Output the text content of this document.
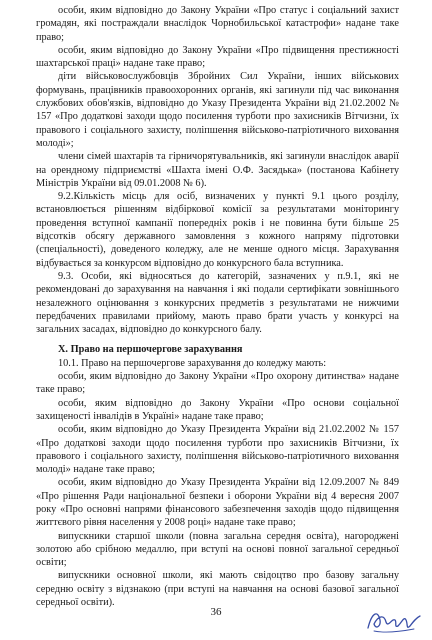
особи, яким відповідно до Закону України «Про статус і соціальний захист громадян, які постраждали внаслідок Чорнобильської катастрофи» надане таке право;

особи, яким відповідно до Закону України «Про підвищення престижності шахтарської праці» надане таке право;

діти військовослужбовців Збройних Сил України, інших військових формувань, працівників правоохоронних органів, які загинули під час виконання службових обов'язків, відповідно до Указу Президента України від 21.02.2002 № 157 «Про додаткові заходи щодо посилення турботи про захисників Вітчизни, їх правового і соціального захисту, поліпшення військово-патріотичного виховання молоді»;

члени сімей шахтарів та гірничорятувальників, які загинули внаслідок аварії на орендному підприємстві «Шахта імені О.Ф. Засядька» (постанова Кабінету Міністрів України від 09.01.2008 № 6).

9.2.Кількість місць для осіб, визначених у пункті 9.1 цього розділу, встановлюється рішенням відбіркової комісії за результатами моніторингу проведення вступної кампанії попередніх років і не повинна бути більше 25 відсотків обсягу державного замовлення з кожного напряму підготовки (спеціальності), доведеного коледжу, але не менше одного місця. Зарахування відбувається за конкурсом відповідно до конкурсного бала вступника.

9.3. Особи, які відносяться до категорій, зазначених у п.9.1, які не рекомендовані до зарахування на навчання і які подали сертифікати зовнішнього незалежного оцінювання з конкурсних предметів з результатами не нижчими передбачених правилами прийому, мають право брати участь у конкурсі на загальних засадах, відповідно до конкурсного балу.

X. Право на першочергове зарахування

10.1. Право на першочергове зарахування до коледжу мають:

особи, яким відповідно до Закону України «Про охорону дитинства» надане таке право;

особи, яким відповідно до Закону України «Про основи соціальної захищеності інвалідів в Україні» надане таке право;

особи, яким відповідно до Указу Президента України від 21.02.2002 № 157 «Про додаткові заходи щодо посилення турботи про захисників Вітчизни, їх правового і соціального захисту, поліпшення військово-патріотичного виховання молоді» надане таке право;

особи, яким відповідно до Указу Президента України від 12.09.2007 № 849 «Про рішення Ради національної безпеки і оборони України від 4 вересня 2007 року «Про основні напрями фінансового забезпечення заходів щодо підвищення життєвого рівня населення у 2008 році» надане таке право;

випускники старшої школи (повна загальна середня освіта), нагороджені золотою або срібною медаллю, при вступі на основі повної загальної середньої освіти;

випускники основної школи, які мають свідоцтво про базову загальну середню освіту з відзнакою (при вступі на навчання на основі базової загальної середньої освіти).

36
